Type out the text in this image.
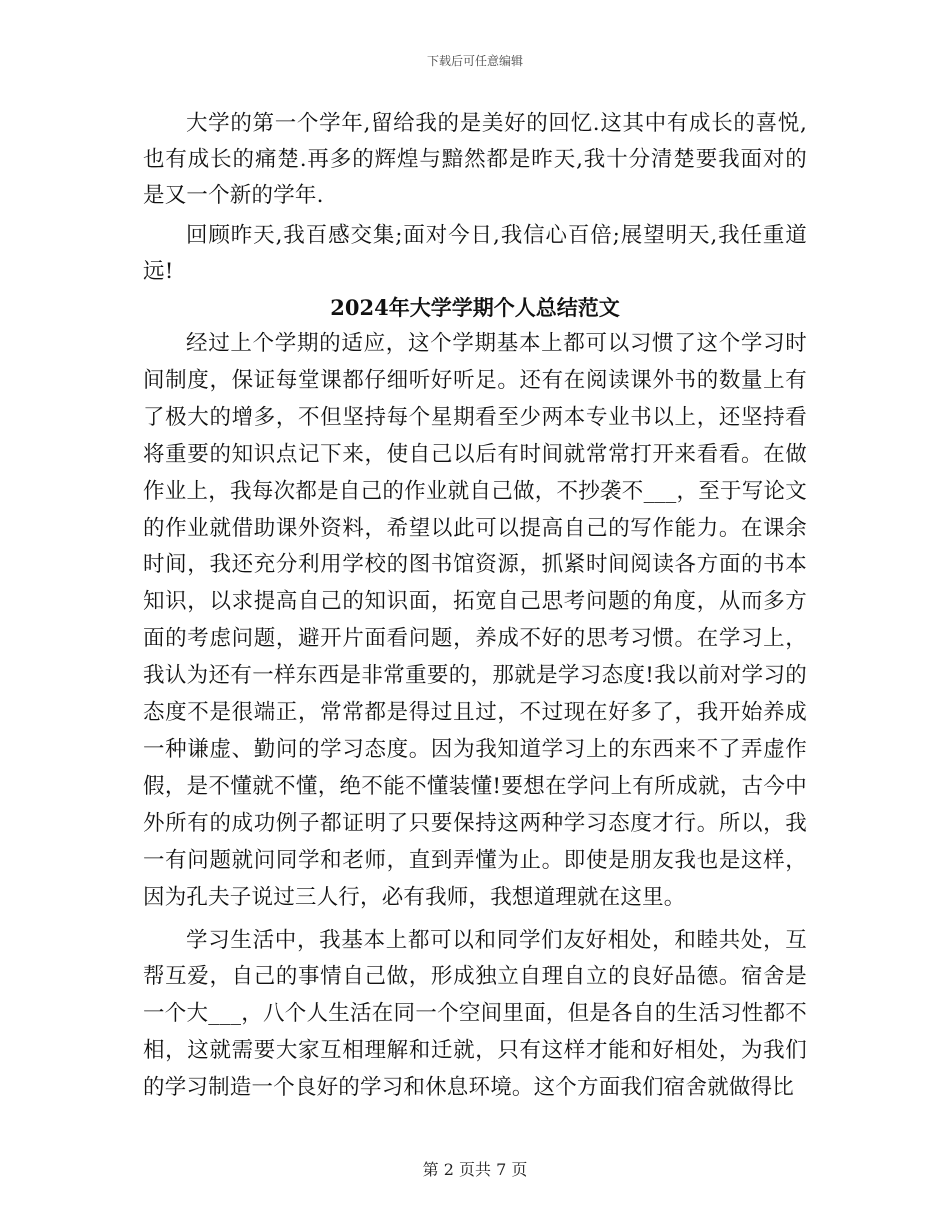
下载后可任意编辑

大学的第一个学年,留给我的是美好的回忆.这其中有成长的喜悦,也有成长的痛楚.再多的辉煌与黯然都是昨天,我十分清楚要我面对的是又一个新的学年.

回顾昨天,我百感交集;面对今日,我信心百倍;展望明天,我任重道远!

2024年大学学期个人总结范文

经过上个学期的适应，这个学期基本上都可以习惯了这个学习时间制度，保证每堂课都仔细听好听足。还有在阅读课外书的数量上有了极大的增多，不但坚持每个星期看至少两本专业书以上，还坚持看将重要的知识点记下来，使自己以后有时间就常常打开来看看。在做作业上，我每次都是自己的作业就自己做，不抄袭不___，至于写论文的作业就借助课外资料，希望以此可以提高自己的写作能力。在课余时间，我还充分利用学校的图书馆资源，抓紧时间阅读各方面的书本知识，以求提高自己的知识面，拓宽自己思考问题的角度，从而多方面的考虑问题，避开片面看问题，养成不好的思考习惯。在学习上，我认为还有一样东西是非常重要的，那就是学习态度!我以前对学习的态度不是很端正，常常都是得过且过，不过现在好多了，我开始养成一种谦虚、勤问的学习态度。因为我知道学习上的东西来不了弄虚作假，是不懂就不懂，绝不能不懂装懂!要想在学问上有所成就，古今中外所有的成功例子都证明了只要保持这两种学习态度才行。所以，我一有问题就问同学和老师，直到弄懂为止。即使是朋友我也是这样，因为孔夫子说过三人行，必有我师，我想道理就在这里。

学习生活中，我基本上都可以和同学们友好相处，和睦共处，互帮互爱，自己的事情自己做，形成独立自理自立的良好品德。宿舍是一个大___，八个人生活在同一个空间里面，但是各自的生活习性都不相，这就需要大家互相理解和迁就，只有这样才能和好相处，为我们的学习制造一个良好的学习和休息环境。这个方面我们宿舍就做得比

第 2 页共 7 页
